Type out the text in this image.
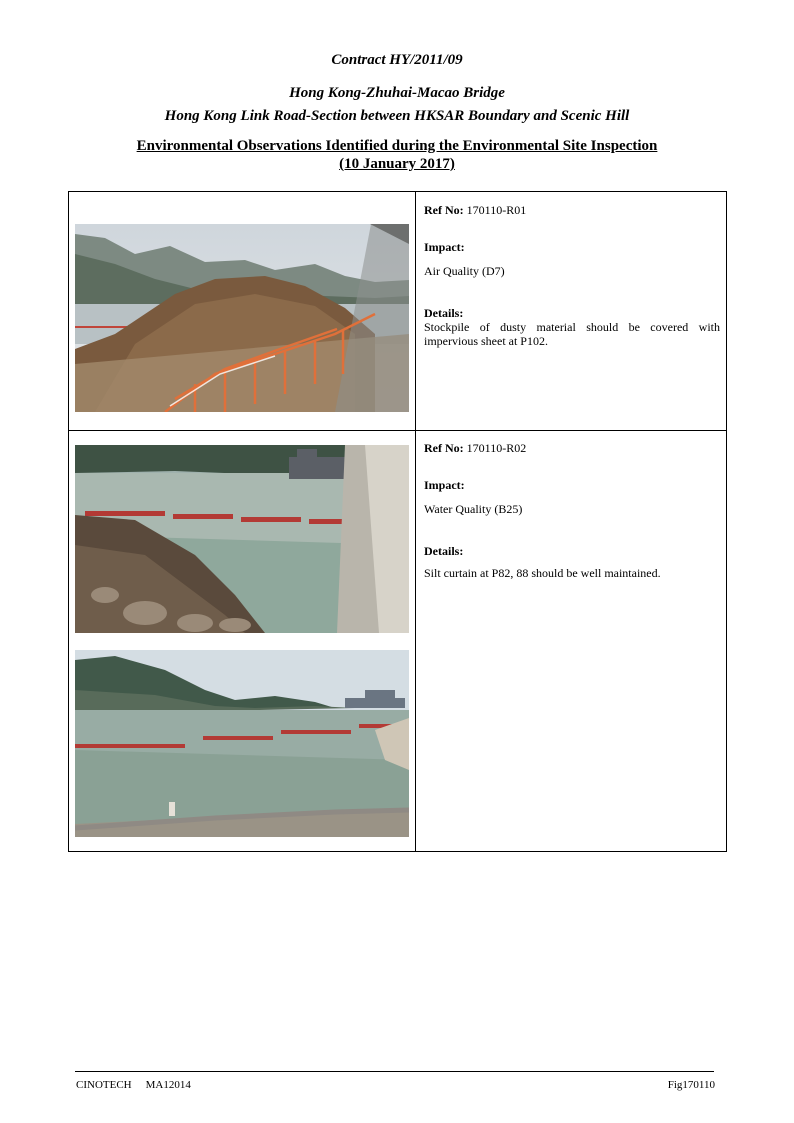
Contract HY/2011/09
Hong Kong-Zhuhai-Macao Bridge
Hong Kong Link Road-Section between HKSAR Boundary and Scenic Hill
Environmental Observations Identified during the Environmental Site Inspection
(10 January 2017)

Ref No: 170110-R01

Impact:

Air Quality (D7)

Details:

Stockpile of dusty material should be covered with impervious sheet at P102.

Ref No: 170110-R02

Impact:

Water Quality (B25)

Details:

Silt curtain at P82, 88 should be well maintained.

CINOTECH MA12014	Fig170110
